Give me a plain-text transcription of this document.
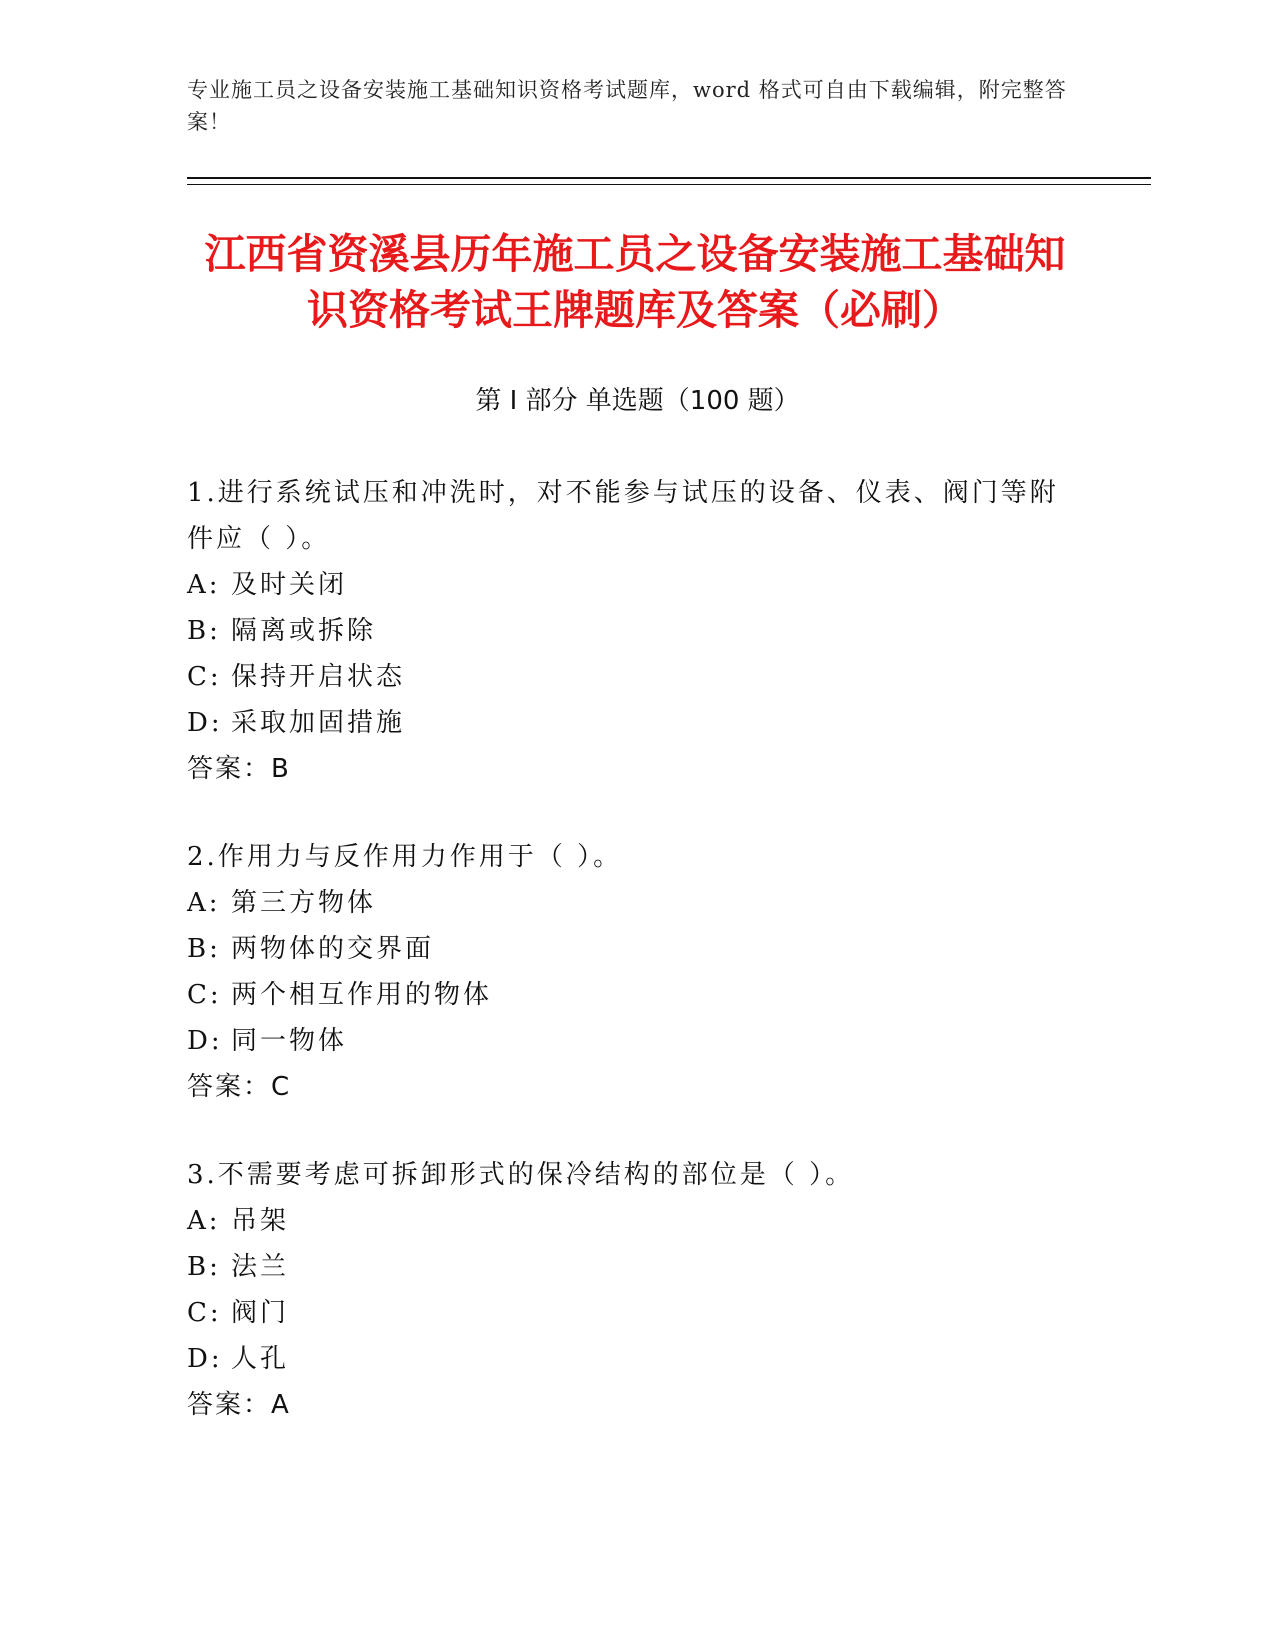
专业施工员之设备安装施工基础知识资格考试题库，word 格式可自由下载编辑，附完整答案！
江西省资溪县历年施工员之设备安装施工基础知识资格考试王牌题库及答案（必刷）
第 I 部分 单选题（100 题）
1.进行系统试压和冲洗时，对不能参与试压的设备、仪表、阀门等附件应（ ）。
A: 及时关闭
B: 隔离或拆除
C: 保持开启状态
D: 采取加固措施
答案：B
2.作用力与反作用力作用于（ ）。
A: 第三方物体
B: 两物体的交界面
C: 两个相互作用的物体
D: 同一物体
答案：C
3.不需要考虑可拆卸形式的保冷结构的部位是（ ）。
A: 吊架
B: 法兰
C: 阀门
D: 人孔
答案：A
